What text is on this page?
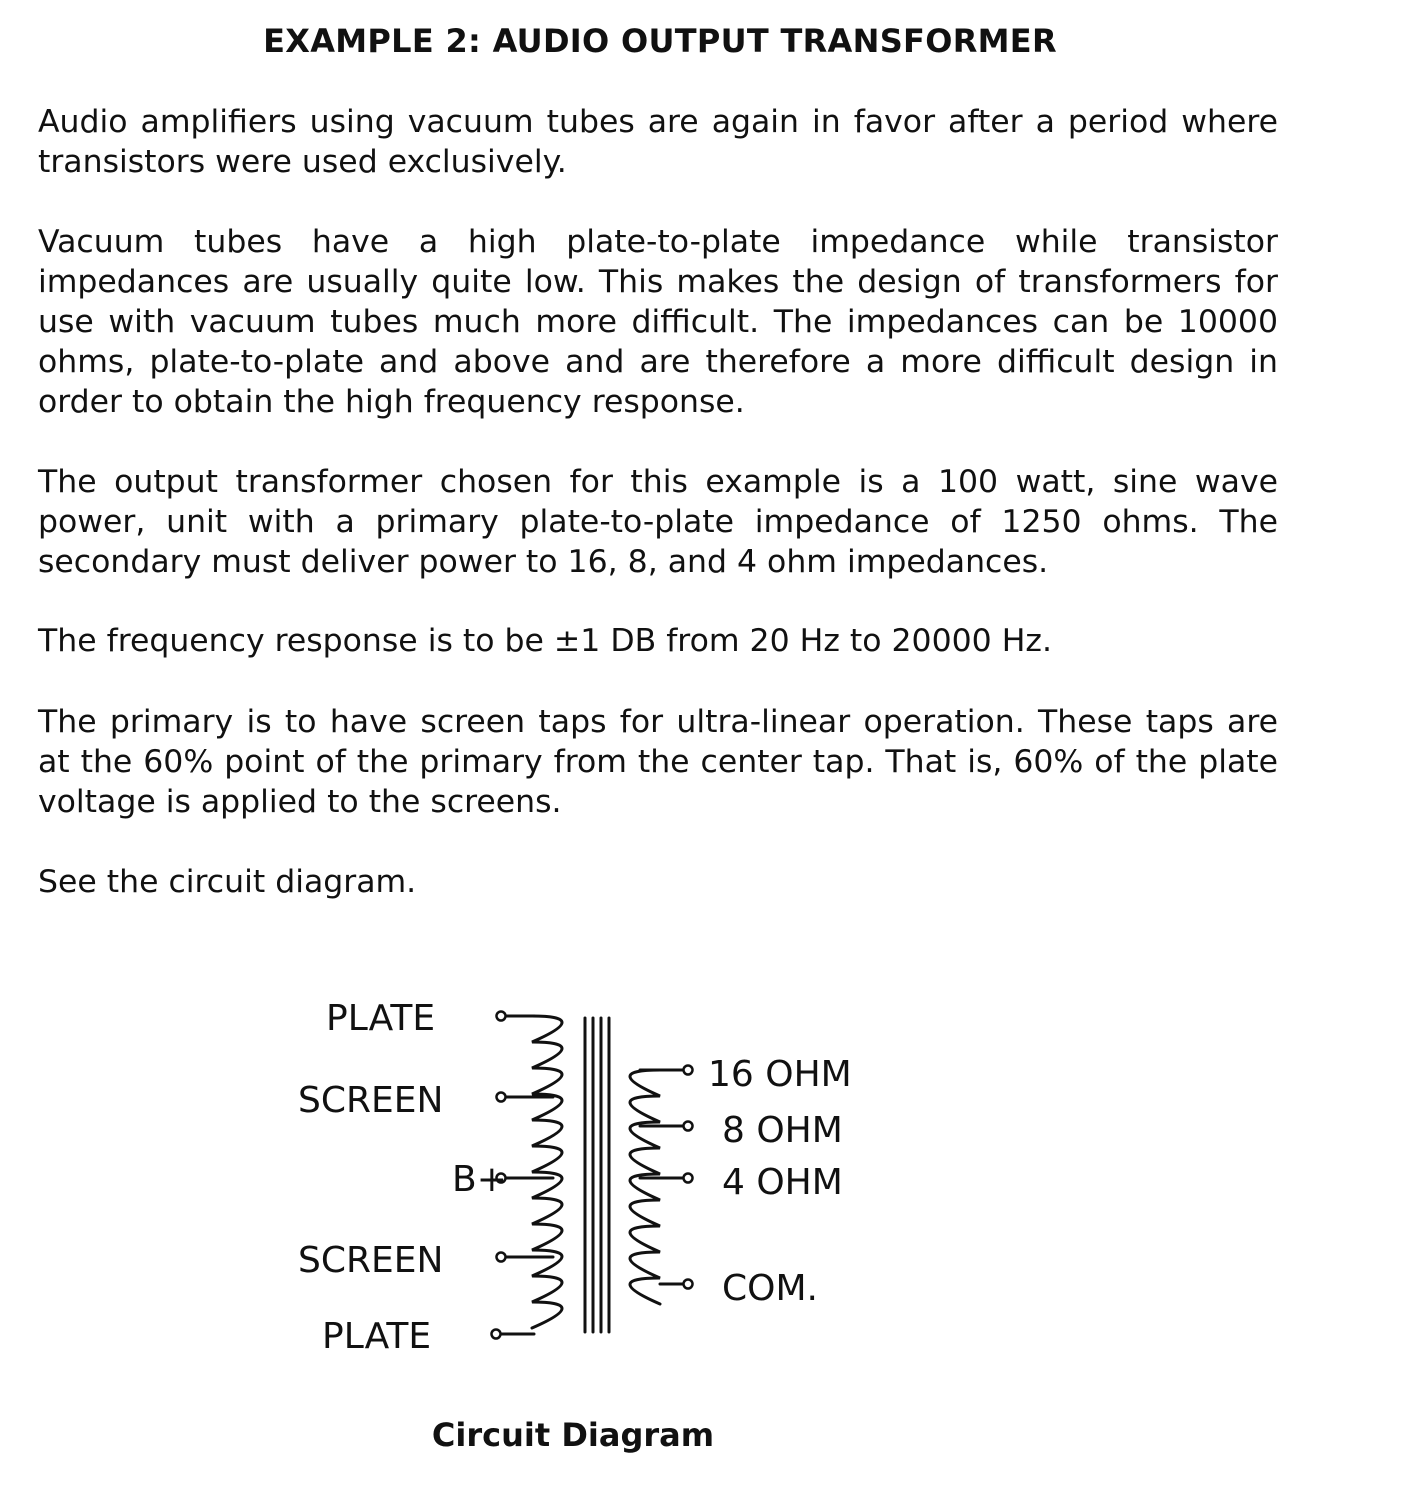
EXAMPLE 2: AUDIO OUTPUT TRANSFORMER

Audio amplifiers using vacuum tubes are again in favor after a period where transistors were used exclusively.

Vacuum tubes have a high plate-to-plate impedance while transistor impedances are usually quite low. This makes the design of transformers for use with vacuum tubes much more difficult. The impedances can be 10000 ohms, plate-to-plate and above and are therefore a more difficult design in order to obtain the high frequency response.

The output transformer chosen for this example is a 100 watt, sine wave power, unit with a primary plate-to-plate impedance of 1250 ohms. The secondary must deliver power to 16, 8, and 4 ohm impedances.

The frequency response is to be ±1 DB from 20 Hz to 20000 Hz.

The primary is to have screen taps for ultra-linear operation. These taps are at the 60% point of the primary from the center tap. That is, 60% of the plate voltage is applied to the screens.

See the circuit diagram.

PLATE
SCREEN
B+
SCREEN
PLATE
16 OHM
8 OHM
4 OHM
COM.

Circuit Diagram
